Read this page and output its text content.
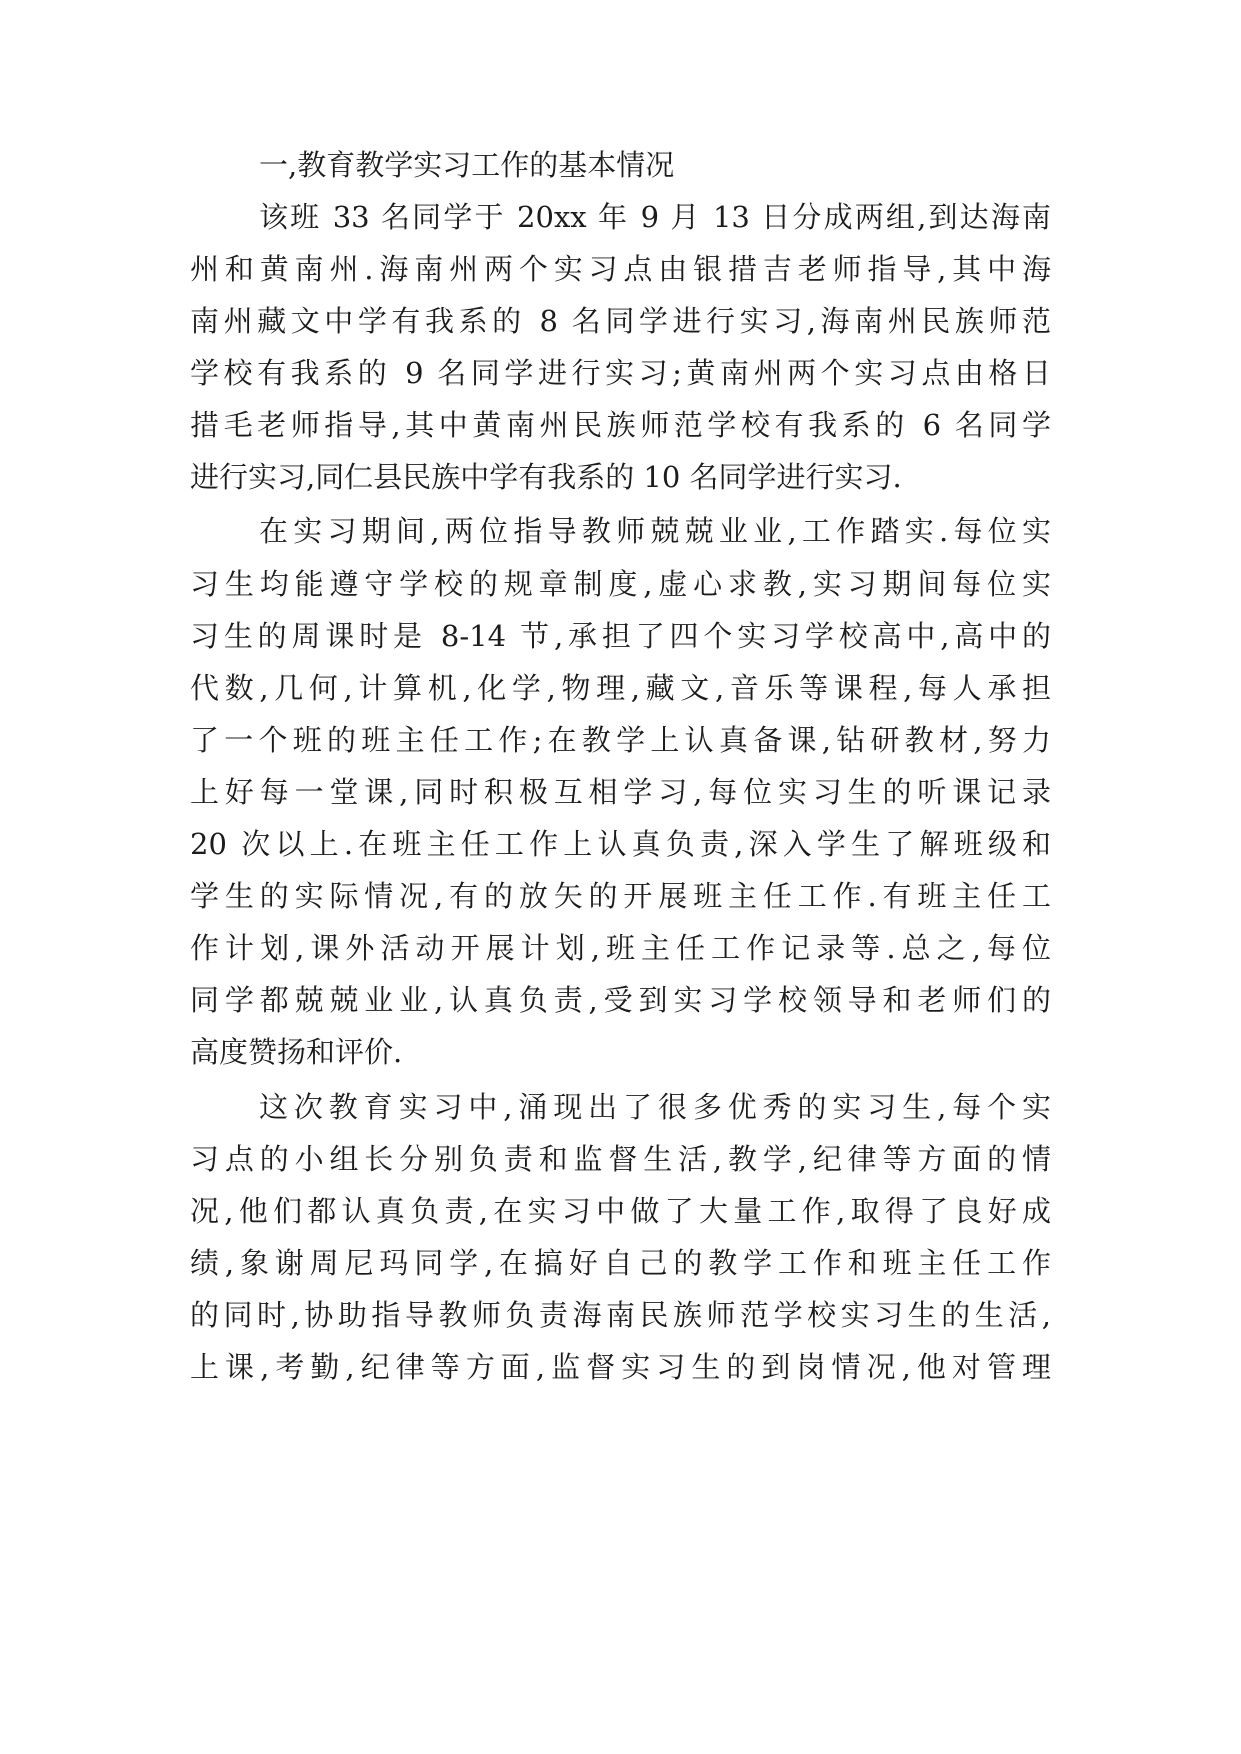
一,教育教学实习工作的基本情况
该班 33 名同学于 20xx 年 9 月 13 日分成两组,到达海南
州和黄南州.海南州两个实习点由银措吉老师指导,其中海
南州藏文中学有我系的 8 名同学进行实习,海南州民族师范
学校有我系的 9 名同学进行实习;黄南州两个实习点由格日
措毛老师指导,其中黄南州民族师范学校有我系的 6 名同学
进行实习,同仁县民族中学有我系的 10 名同学进行实习.
在实习期间,两位指导教师兢兢业业,工作踏实.每位实
习生均能遵守学校的规章制度,虚心求教,实习期间每位实
习生的周课时是 8-14 节,承担了四个实习学校高中,高中的
代数,几何,计算机,化学,物理,藏文,音乐等课程,每人承担
了一个班的班主任工作;在教学上认真备课,钻研教材,努力
上好每一堂课,同时积极互相学习,每位实习生的听课记录
20 次以上.在班主任工作上认真负责,深入学生了解班级和
学生的实际情况,有的放矢的开展班主任工作.有班主任工
作计划,课外活动开展计划,班主任工作记录等.总之,每位
同学都兢兢业业,认真负责,受到实习学校领导和老师们的
高度赞扬和评价.
这次教育实习中,涌现出了很多优秀的实习生,每个实
习点的小组长分别负责和监督生活,教学,纪律等方面的情
况,他们都认真负责,在实习中做了大量工作,取得了良好成
绩,象谢周尼玛同学,在搞好自己的教学工作和班主任工作
的同时,协助指导教师负责海南民族师范学校实习生的生活,
上课,考勤,纪律等方面,监督实习生的到岗情况,他对管理
